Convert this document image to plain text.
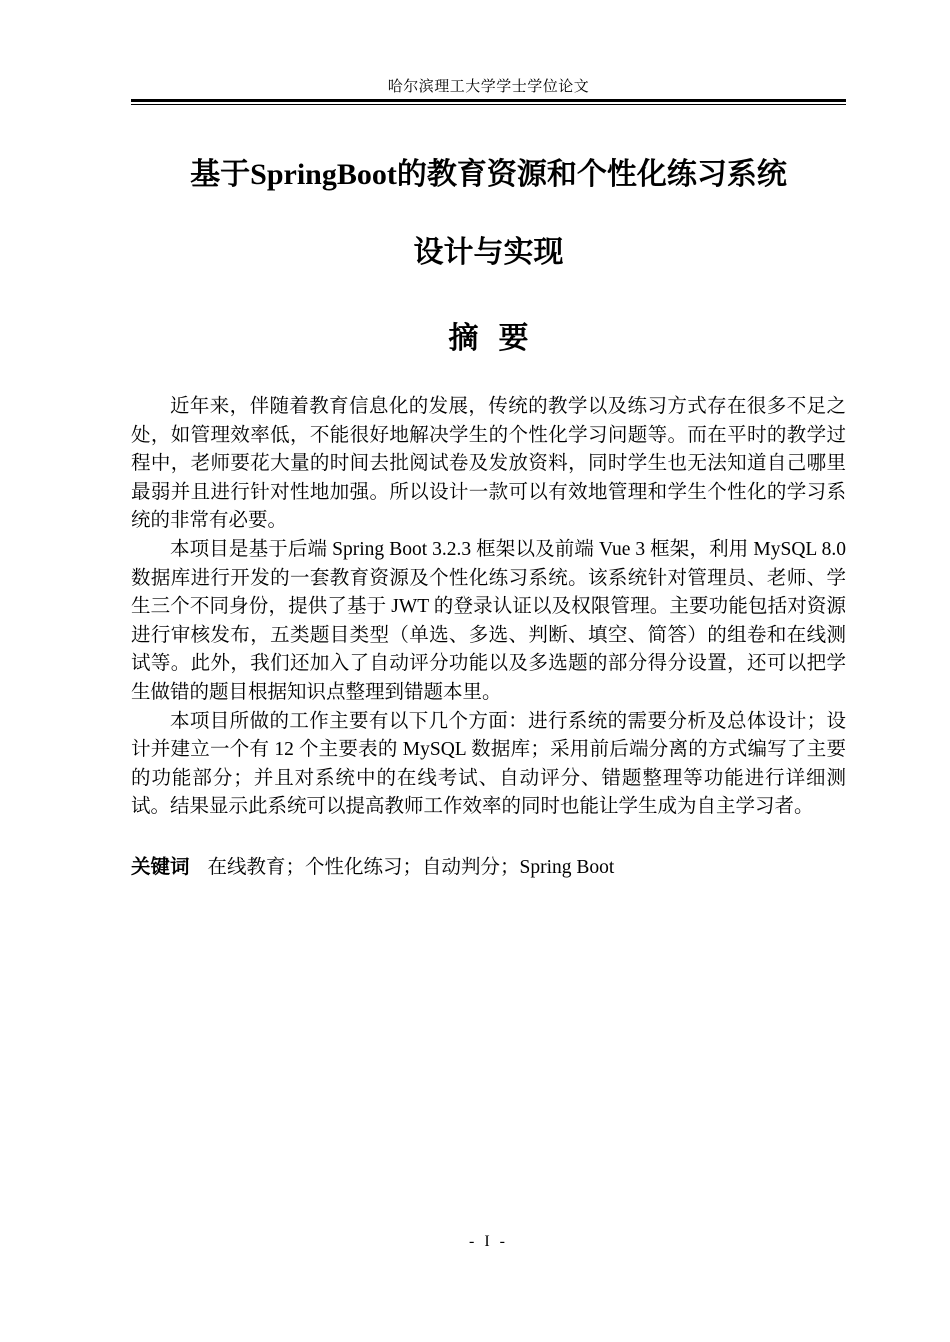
哈尔滨理工大学学士学位论文
基于SpringBoot的教育资源和个性化练习系统
设计与实现
摘要

近年来，伴随着教育信息化的发展，传统的教学以及练习方式存在很多不足之处，如管理效率低，不能很好地解决学生的个性化学习问题等。而在平时的教学过程中，老师要花大量的时间去批阅试卷及发放资料，同时学生也无法知道自己哪里最弱并且进行针对性地加强。所以设计一款可以有效地管理和学生个性化的学习系统的非常有必要。

本项目是基于后端 Spring Boot 3.2.3 框架以及前端 Vue 3 框架，利用 MySQL 8.0 数据库进行开发的一套教育资源及个性化练习系统。该系统针对管理员、老师、学生三个不同身份，提供了基于 JWT 的登录认证以及权限管理。主要功能包括对资源进行审核发布，五类题目类型（单选、多选、判断、填空、简答）的组卷和在线测试等。此外，我们还加入了自动评分功能以及多选题的部分得分设置，还可以把学生做错的题目根据知识点整理到错题本里。

本项目所做的工作主要有以下几个方面：进行系统的需要分析及总体设计；设计并建立一个有 12 个主要表的 MySQL 数据库；采用前后端分离的方式编写了主要的功能部分；并且对系统中的在线考试、自动评分、错题整理等功能进行详细测试。结果显示此系统可以提高教师工作效率的同时也能让学生成为自主学习者。

关键词 在线教育；个性化练习；自动判分；Spring Boot
- I -
